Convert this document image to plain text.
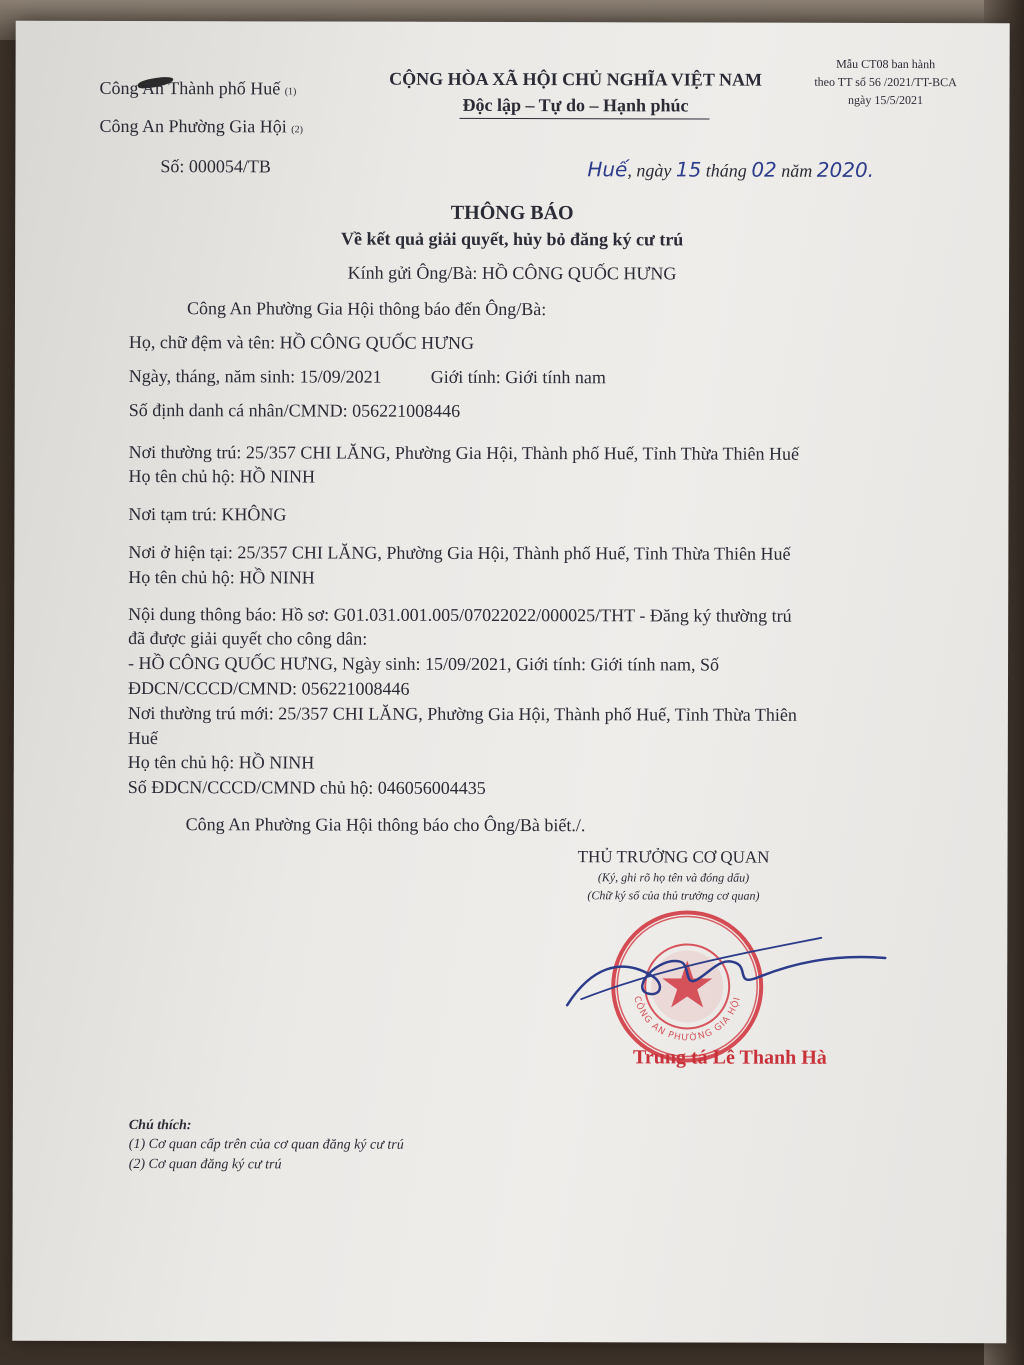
Công An Thành phố Huế (1)
Công An Phường Gia Hội (2)
Số: 000054/TB
CỘNG HÒA XÃ HỘI CHỦ NGHĨA VIỆT NAM
Độc lập – Tự do – Hạnh phúc
Mẫu CT08 ban hành
theo TT số 56 /2021/TT-BCA
ngày 15/5/2021
Huế, ngày 15 tháng 02 năm 2020.
THÔNG BÁO
Về kết quả giải quyết, hủy bỏ đăng ký cư trú
Kính gửi Ông/Bà: HỒ CÔNG QUỐC HƯNG
Công An Phường Gia Hội thông báo đến Ông/Bà:
Họ, chữ đệm và tên: HỒ CÔNG QUỐC HƯNG
Ngày, tháng, năm sinh: 15/09/2021	Giới tính: Giới tính nam
Số định danh cá nhân/CMND: 056221008446
Nơi thường trú: 25/357 CHI LĂNG, Phường Gia Hội, Thành phố Huế, Tỉnh Thừa Thiên Huế
Họ tên chủ hộ: HỒ NINH
Nơi tạm trú: KHÔNG
Nơi ở hiện tại: 25/357 CHI LĂNG, Phường Gia Hội, Thành phố Huế, Tỉnh Thừa Thiên Huế
Họ tên chủ hộ: HỒ NINH
Nội dung thông báo: Hồ sơ: G01.031.001.005/07022022/000025/THT - Đăng ký thường trú
đã được giải quyết cho công dân:
- HỒ CÔNG QUỐC HƯNG, Ngày sinh: 15/09/2021, Giới tính: Giới tính nam, Số
ĐDCN/CCCD/CMND: 056221008446
Nơi thường trú mới: 25/357 CHI LĂNG, Phường Gia Hội, Thành phố Huế, Tỉnh Thừa Thiên
Huế
Họ tên chủ hộ: HỒ NINH
Số ĐDCN/CCCD/CMND chủ hộ: 046056004435
Công An Phường Gia Hội thông báo cho Ông/Bà biết./.
THỦ TRƯỞNG CƠ QUAN
(Ký, ghi rõ họ tên và đóng dấu)
(Chữ ký số của thủ trưởng cơ quan)
CÔNG AN PHƯỜNG GIA HỘI
Trung tá Lê Thanh Hà
Chú thích:
(1) Cơ quan cấp trên của cơ quan đăng ký cư trú
(2) Cơ quan đăng ký cư trú
